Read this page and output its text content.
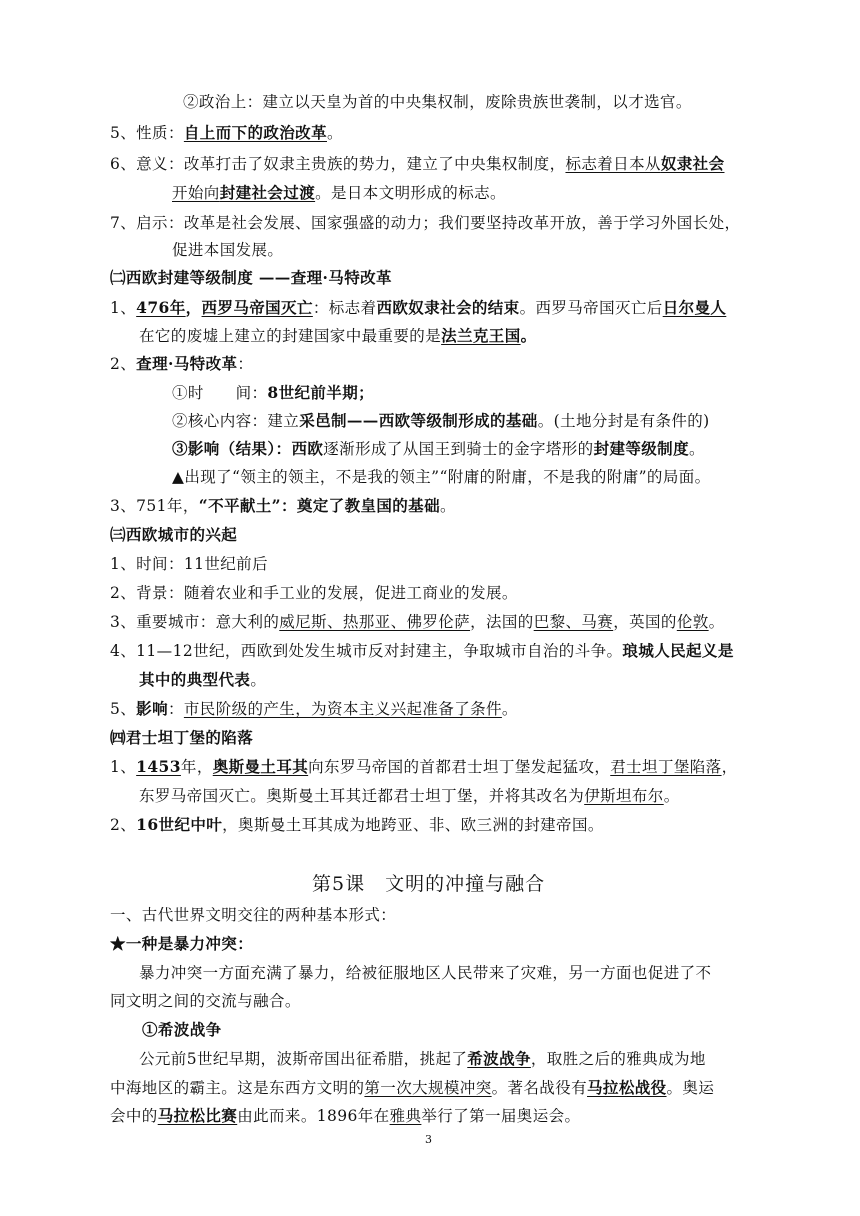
②政治上：建立以天皇为首的中央集权制，废除贵族世袭制，以才选官。
5、性质：自上而下的政治改革。
6、意义：改革打击了奴隶主贵族的势力，建立了中央集权制度，标志着日本从奴隶社会
开始向封建社会过渡。是日本文明形成的标志。
7、启示：改革是社会发展、国家强盛的动力；我们要坚持改革开放，善于学习外国长处，
促进本国发展。
㈡西欧封建等级制度 ——查理·马特改革
1、476年，西罗马帝国灭亡：标志着西欧奴隶社会的结束。西罗马帝国灭亡后日尔曼人
在它的废墟上建立的封建国家中最重要的是法兰克王国。
2、查理·马特改革：
①时　　间：8世纪前半期；
②核心内容：建立采邑制——西欧等级制形成的基础。(土地分封是有条件的)
③影响（结果）：西欧逐渐形成了从国王到骑士的金字塔形的封建等级制度。
▲出现了“领主的领主，不是我的领主”“附庸的附庸，不是我的附庸”的局面。
3、751年，“不平献土”：奠定了教皇国的基础。
㈢西欧城市的兴起
1、时间：11世纪前后
2、背景：随着农业和手工业的发展，促进工商业的发展。
3、重要城市：意大利的威尼斯、热那亚、佛罗伦萨，法国的巴黎、马赛，英国的伦敦。
4、11—12世纪，西欧到处发生城市反对封建主，争取城市自治的斗争。琅城人民起义是
其中的典型代表。
5、影响：市民阶级的产生，为资本主义兴起准备了条件。
㈣君士坦丁堡的陷落
1、1453年，奥斯曼土耳其向东罗马帝国的首都君士坦丁堡发起猛攻，君士坦丁堡陷落，
东罗马帝国灭亡。奥斯曼土耳其迁都君士坦丁堡，并将其改名为伊斯坦布尔。
2、16世纪中叶，奥斯曼土耳其成为地跨亚、非、欧三洲的封建帝国。
第5课　文明的冲撞与融合
一、古代世界文明交往的两种基本形式：
★一种是暴力冲突：
暴力冲突一方面充满了暴力，给被征服地区人民带来了灾难，另一方面也促进了不
同文明之间的交流与融合。
①希波战争
公元前5世纪早期，波斯帝国出征希腊，挑起了希波战争，取胜之后的雅典成为地
中海地区的霸主。这是东西方文明的第一次大规模冲突。著名战役有马拉松战役。奥运
会中的马拉松比赛由此而来。1896年在雅典举行了第一届奥运会。
3
